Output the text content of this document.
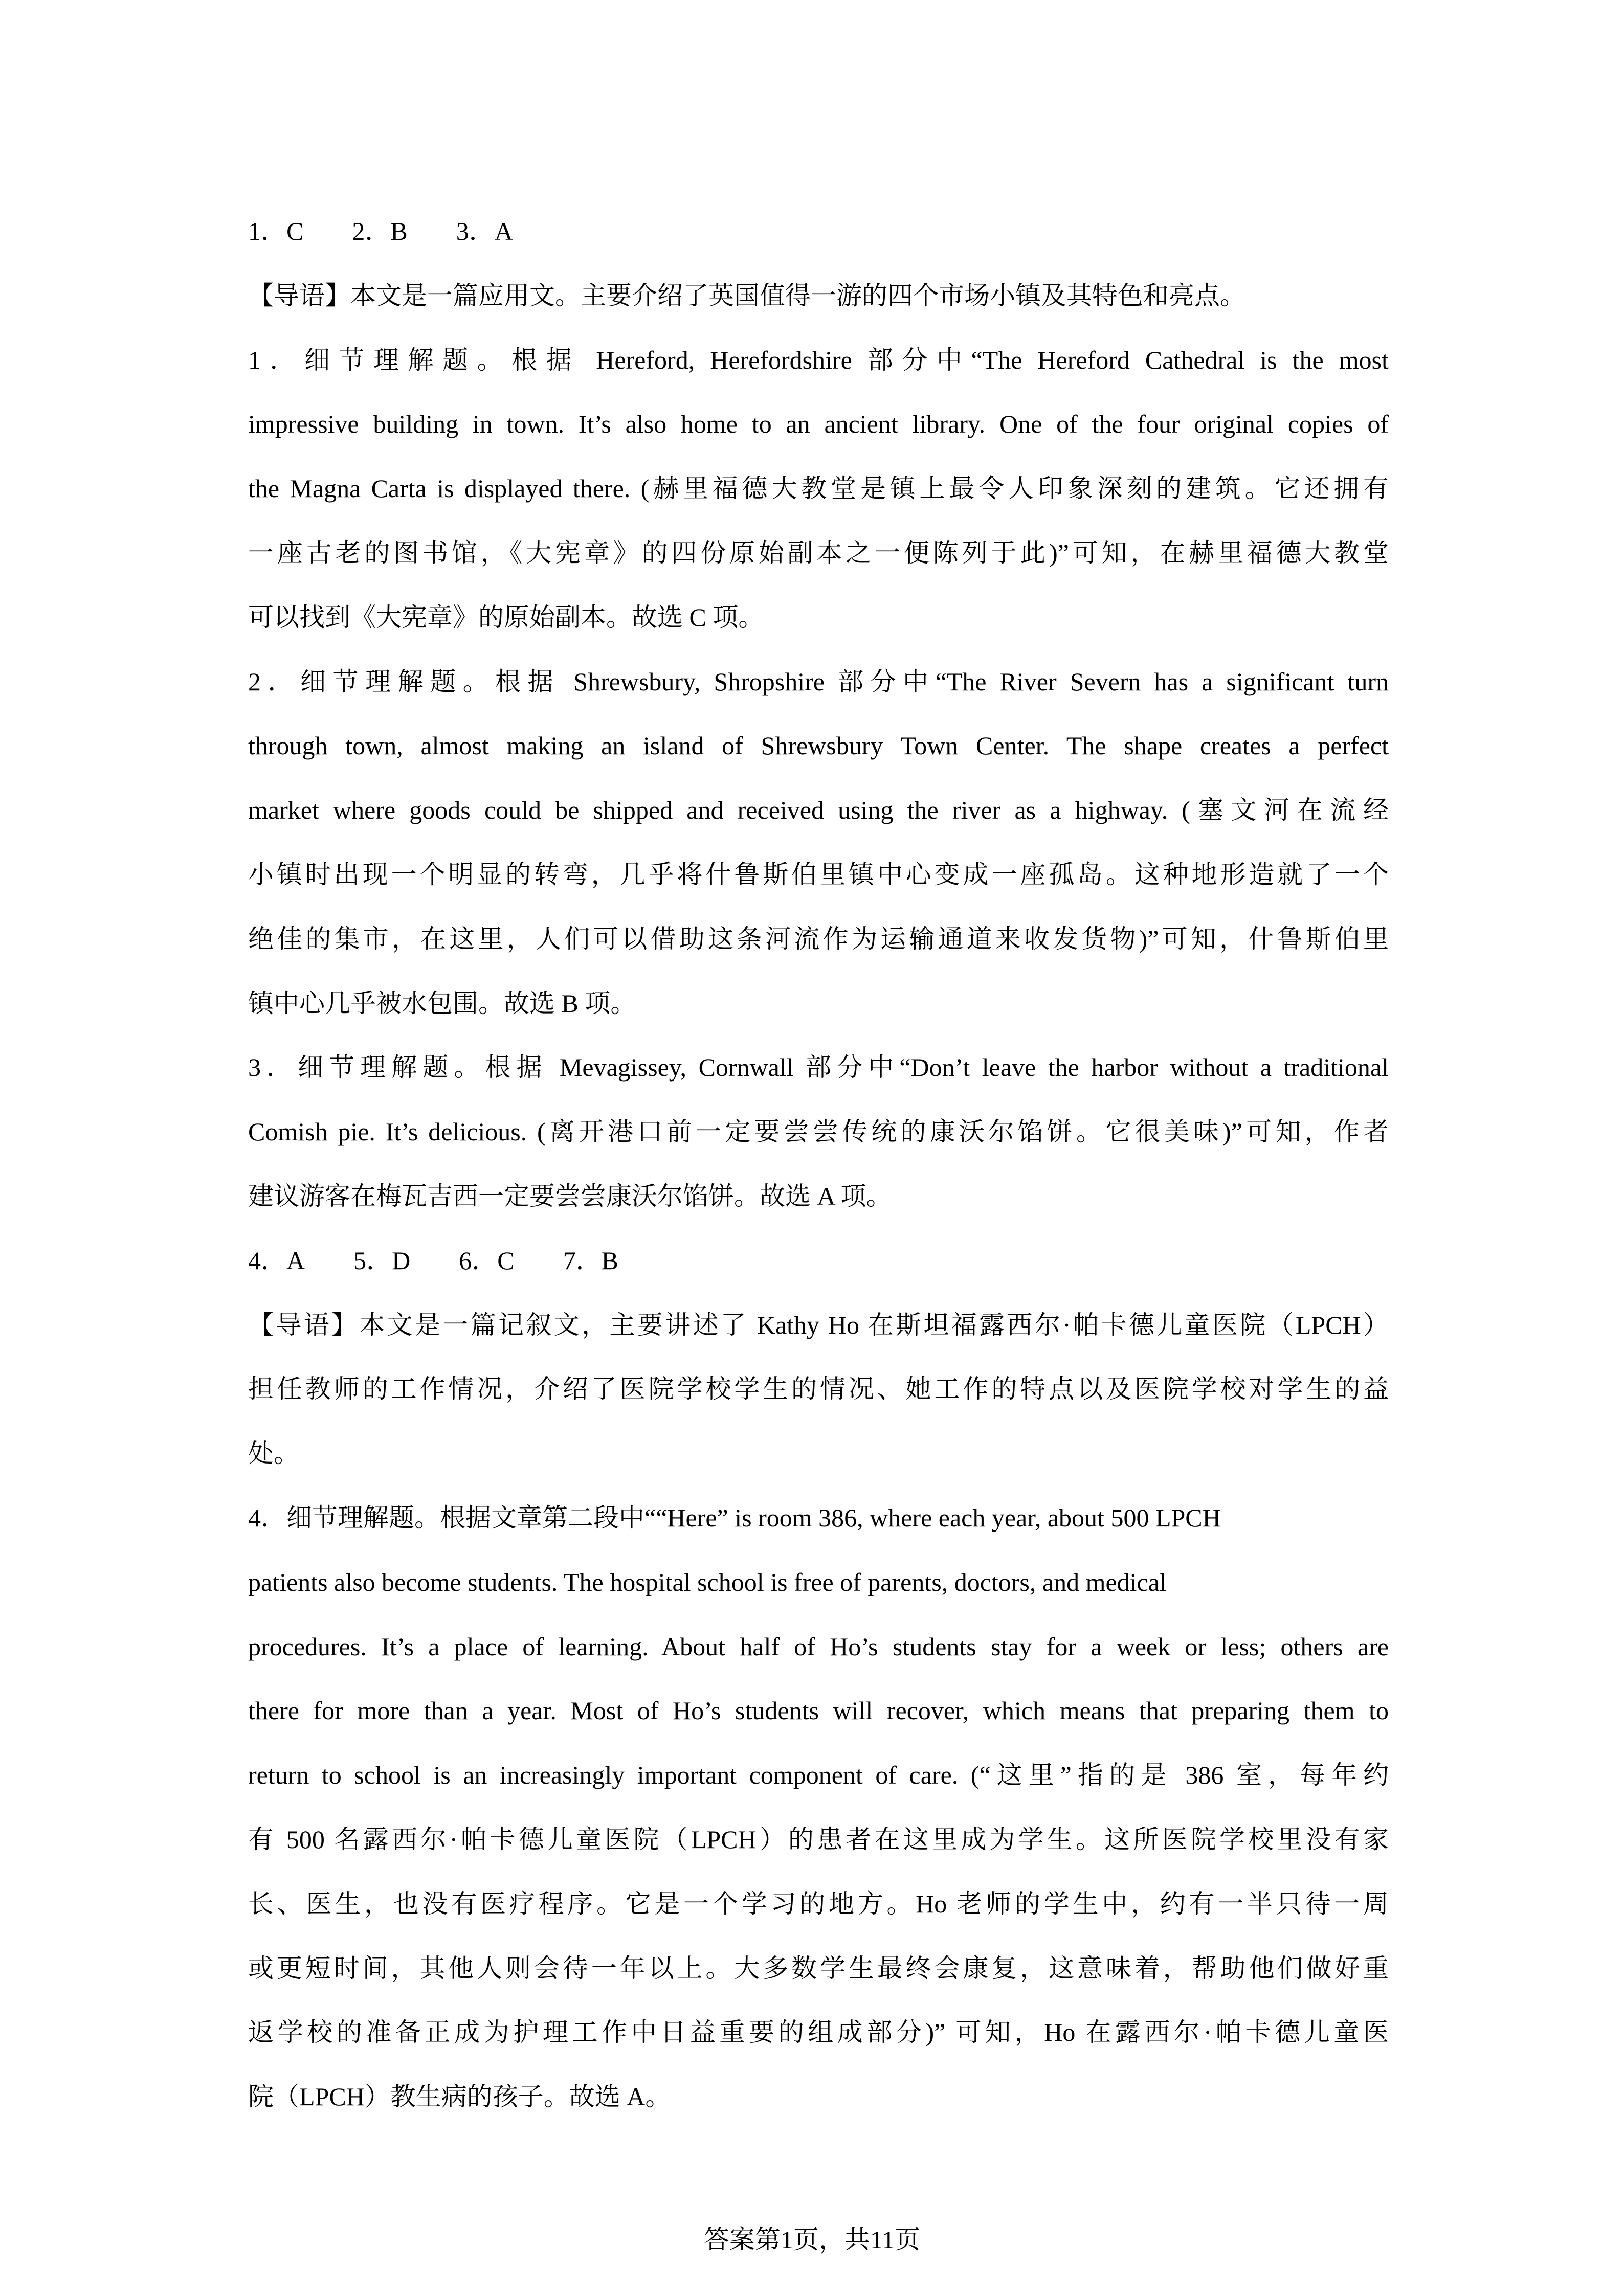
1．C 2．B 3．A
【导语】本文是一篇应用文。主要介绍了英国值得一游的四个市场小镇及其特色和亮点。
1．细节理解题。根据 Hereford, Herefordshire 部分中“The Hereford Cathedral is the most
impressive building in town. It’s also home to an ancient library. One of the four original copies of
the Magna Carta is displayed there. (赫里福德大教堂是镇上最令人印象深刻的建筑。它还拥有
一座古老的图书馆，《大宪章》的四份原始副本之一便陈列于此)”可知，在赫里福德大教堂
可以找到《大宪章》的原始副本。故选 C 项。
2．细节理解题。根据 Shrewsbury, Shropshire 部分中“The River Severn has a significant turn
through town, almost making an island of Shrewsbury Town Center. The shape creates a perfect
market where goods could be shipped and received using the river as a highway. (塞文河在流经
小镇时出现一个明显的转弯，几乎将什鲁斯伯里镇中心变成一座孤岛。这种地形造就了一个
绝佳的集市，在这里，人们可以借助这条河流作为运输通道来收发货物)”可知，什鲁斯伯里
镇中心几乎被水包围。故选 B 项。
3．细节理解题。根据 Mevagissey, Cornwall 部分中“Don’t leave the harbor without a traditional
Comish pie. It’s delicious. (离开港口前一定要尝尝传统的康沃尔馅饼。它很美味)”可知，作者
建议游客在梅瓦吉西一定要尝尝康沃尔馅饼。故选 A 项。
4．A 5．D 6．C 7．B
【导语】本文是一篇记叙文，主要讲述了 Kathy Ho 在斯坦福露西尔·帕卡德儿童医院（LPCH）
担任教师的工作情况，介绍了医院学校学生的情况、她工作的特点以及医院学校对学生的益
处。
4．细节理解题。根据文章第二段中““Here” is room 386, where each year, about 500 LPCH
patients also become students. The hospital school is free of parents, doctors, and medical
procedures. It’s a place of learning. About half of Ho’s students stay for a week or less; others are
there for more than a year. Most of Ho’s students will recover, which means that preparing them to
return to school is an increasingly important component of care. (“这里”指的是 386 室，每年约
有 500 名露西尔·帕卡德儿童医院（LPCH）的患者在这里成为学生。这所医院学校里没有家
长、医生，也没有医疗程序。它是一个学习的地方。Ho 老师的学生中，约有一半只待一周
或更短时间，其他人则会待一年以上。大多数学生最终会康复，这意味着，帮助他们做好重
返学校的准备正成为护理工作中日益重要的组成部分)” 可知，Ho 在露西尔·帕卡德儿童医
院（LPCH）教生病的孩子。故选 A。
答案第1页，共11页
